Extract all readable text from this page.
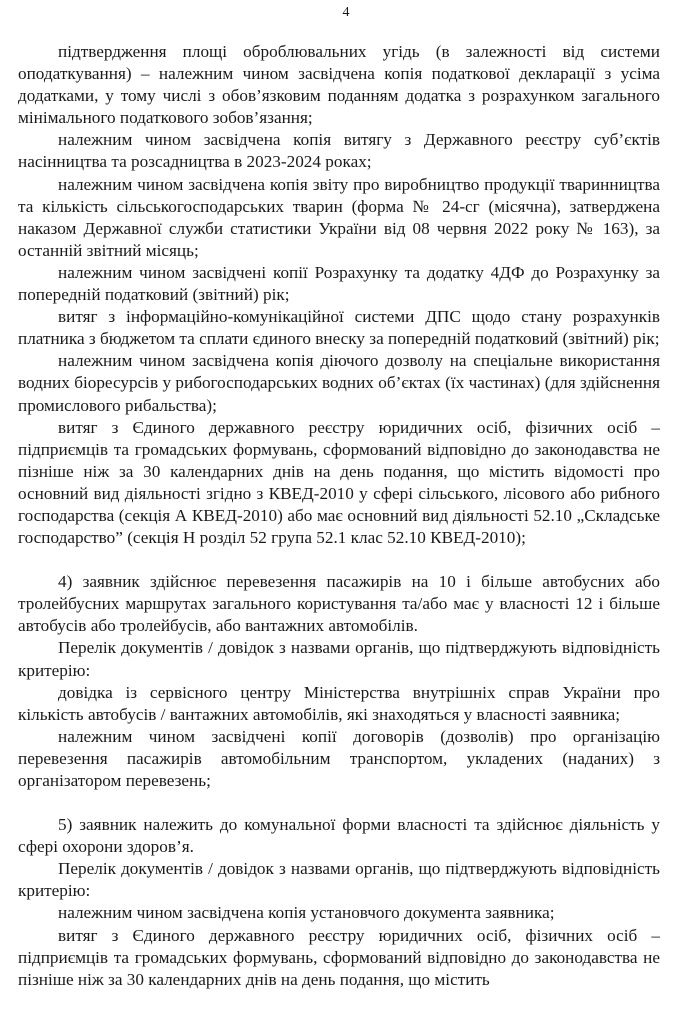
4

підтвердження площі оброблювальних угідь (в залежності від системи оподаткування) – належним чином засвідчена копія податкової декларації з усіма додатками, у тому числі з обов’язковим поданням додатка з розрахунком загального мінімального податкового зобов’язання;

належним чином засвідчена копія витягу з Державного реєстру суб’єктів насінництва та розсадництва в 2023-2024 роках;

належним чином засвідчена копія звіту про виробництво продукції тваринництва та кількість сільськогосподарських тварин (форма № 24-сг (місячна), затверджена наказом Державної служби статистики України від 08 червня 2022 року № 163), за останній звітний місяць;

належним чином засвідчені копії Розрахунку та додатку 4ДФ до Розрахунку за попередній податковий (звітний) рік;

витяг з інформаційно-комунікаційної системи ДПС щодо стану розрахунків платника з бюджетом та сплати єдиного внеску за попередній податковий (звітний) рік;

належним чином засвідчена копія діючого дозволу на спеціальне використання водних біоресурсів у рибогосподарських водних об’єктах (їх частинах) (для здійснення промислового рибальства);

витяг з Єдиного державного реєстру юридичних осіб, фізичних осіб – підприємців та громадських формувань, сформований відповідно до законодавства не пізніше ніж за 30 календарних днів на день подання, що містить відомості про основний вид діяльності згідно з КВЕД-2010 у сфері сільського, лісового або рибного господарства (секція А КВЕД-2010) або має основний вид діяльності 52.10 „Складське господарство” (секція Н розділ 52 група 52.1 клас 52.10 КВЕД-2010);

4) заявник здійснює перевезення пасажирів на 10 і більше автобусних або тролейбусних маршрутах загального користування та/або має у власності 12 і більше автобусів або тролейбусів, або вантажних автомобілів.

Перелік документів / довідок з назвами органів, що підтверджують відповідність критерію:

довідка із сервісного центру Міністерства внутрішніх справ України про кількість автобусів / вантажних автомобілів, які знаходяться у власності заявника;

належним чином засвідчені копії договорів (дозволів) про організацію перевезення пасажирів автомобільним транспортом, укладених (наданих) з організатором перевезень;

5) заявник належить до комунальної форми власності та здійснює діяльність у сфері охорони здоров’я.

Перелік документів / довідок з назвами органів, що підтверджують відповідність критерію:

належним чином засвідчена копія установчого документа заявника;

витяг з Єдиного державного реєстру юридичних осіб, фізичних осіб – підприємців та громадських формувань, сформований відповідно до законодавства не пізніше ніж за 30 календарних днів на день подання, що містить
